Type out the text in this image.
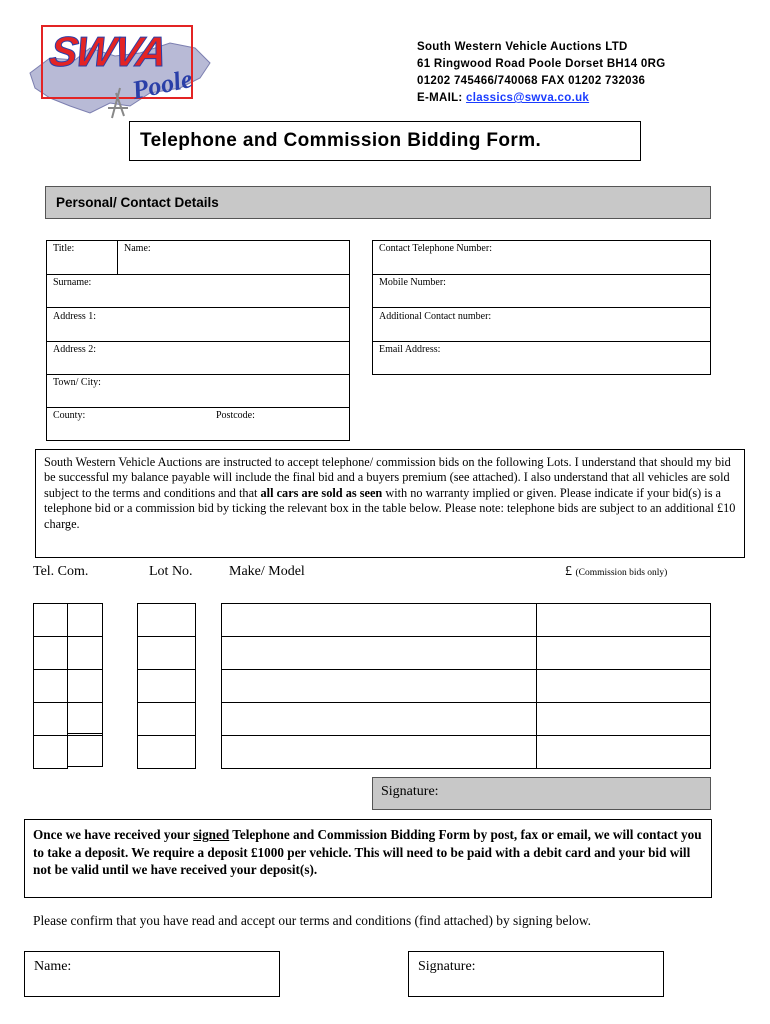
SWVA
Poole
South Western Vehicle Auctions LTD
61 Ringwood Road Poole Dorset BH14 0RG
01202 745466/740068 FAX 01202 732036
E-MAIL: classics@swva.co.uk
Telephone and Commission Bidding Form.
Personal/ Contact Details
Title:	Name:
Surname:
Address 1:
Address 2:
Town/ City:
County:	Postcode:
Contact Telephone Number:
Mobile Number:
Additional Contact number:
Email Address:
South Western Vehicle Auctions are instructed to accept telephone/ commission bids on the following Lots. I understand that should my bid be successful my balance payable will include the final bid and a buyers premium (see attached). I also understand that all vehicles are sold subject to the terms and conditions and that all cars are sold as seen with no warranty implied or given. Please indicate if your bid(s) is a telephone bid or a commission bid by ticking the relevant box in the table below. Please note: telephone bids are subject to an additional £10 charge.
Tel. Com.	Lot No.	Make/ Model	£ (Commission bids only)
Signature:
Once we have received your signed Telephone and Commission Bidding Form by post, fax or email, we will contact you to take a deposit. We require a deposit £1000 per vehicle. This will need to be paid with a debit card and your bid will not be valid until we have received your deposit(s).
Please confirm that you have read and accept our terms and conditions (find attached) by signing below.
Name:	Signature:
